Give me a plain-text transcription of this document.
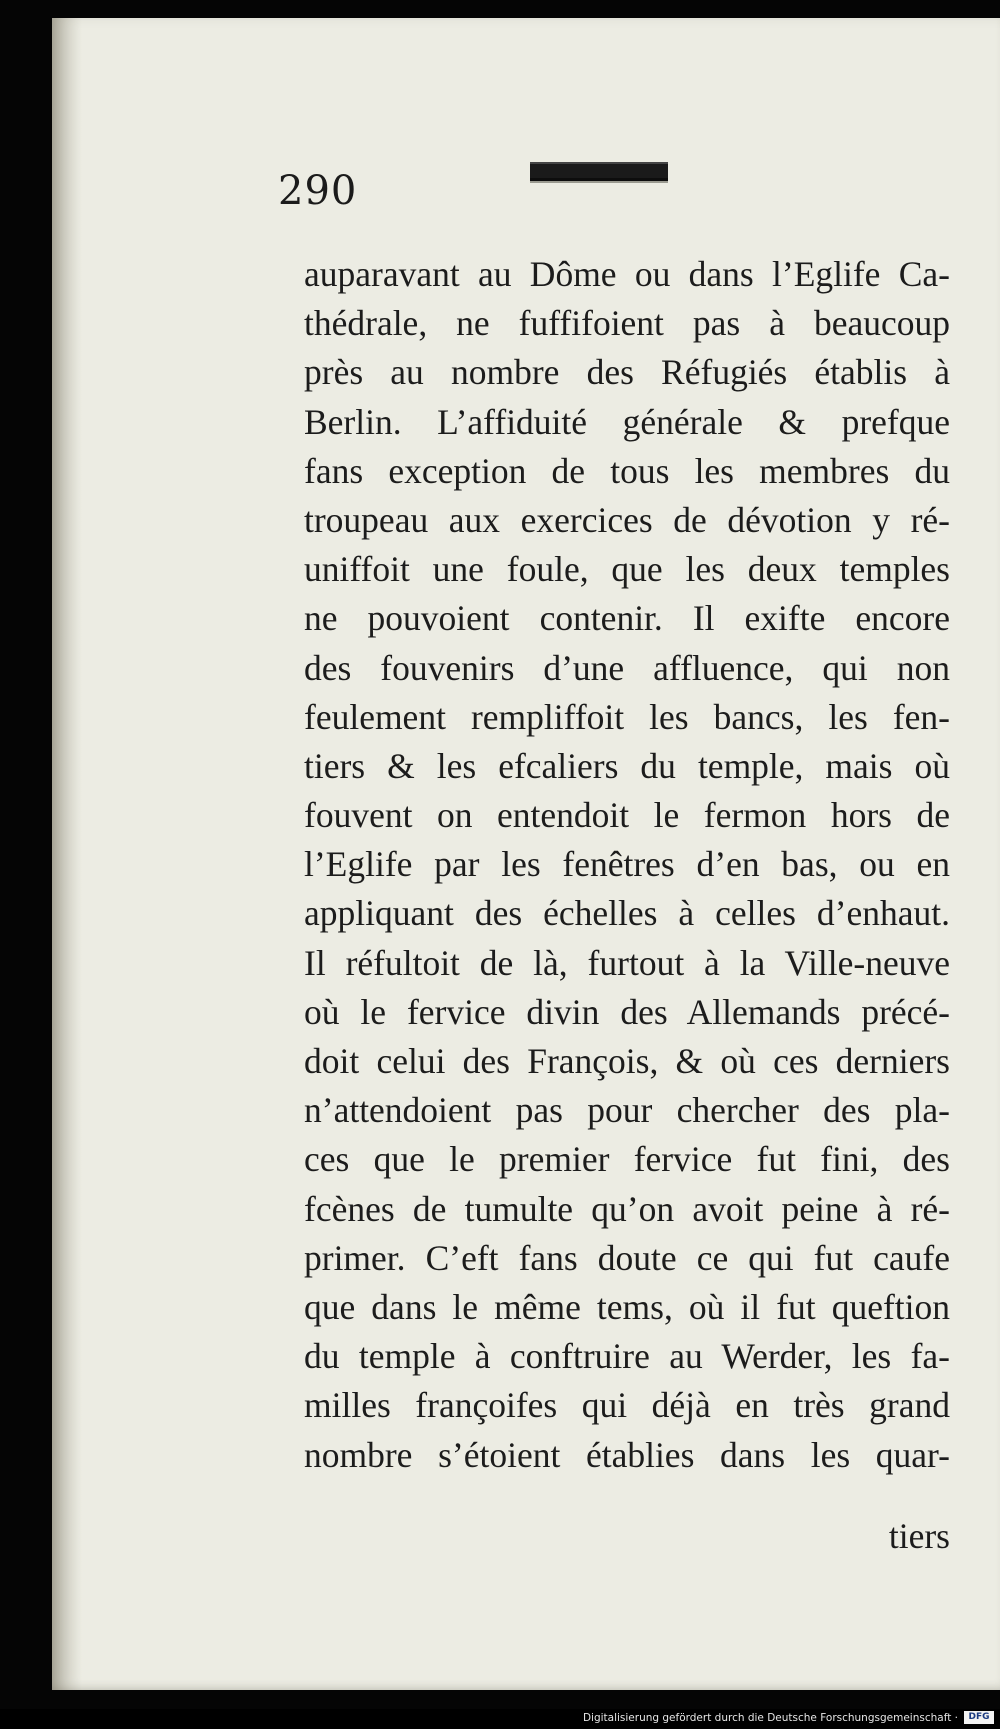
290
auparavant au Dôme ou dans l’Eglife Ca-
thédrale, ne fuffifoient pas à beaucoup
près au nombre des Réfugiés établis à
Berlin. L’affiduité générale & prefque
fans exception de tous les membres du
troupeau aux exercices de dévotion y ré-
uniffoit une foule, que les deux temples
ne pouvoient contenir. Il exifte encore
des fouvenirs d’une affluence, qui non
feulement rempliffoit les bancs, les fen-
tiers & les efcaliers du temple, mais où
fouvent on entendoit le fermon hors de
l’Eglife par les fenêtres d’en bas, ou en
appliquant des échelles à celles d’enhaut.
Il réfultoit de là, furtout à la Ville-neuve
où le fervice divin des Allemands précé-
doit celui des François, & où ces derniers
n’attendoient pas pour chercher des pla-
ces que le premier fervice fut fini, des
fcènes de tumulte qu’on avoit peine à ré-
primer. C’eft fans doute ce qui fut caufe
que dans le même tems, où il fut queftion
du temple à conftruire au Werder, les fa-
milles françoifes qui déjà en très grand
nombre s’étoient établies dans les quar-
tiers
Digitalisierung gefördert durch die Deutsche Forschungsgemeinschaft ·	DFG
